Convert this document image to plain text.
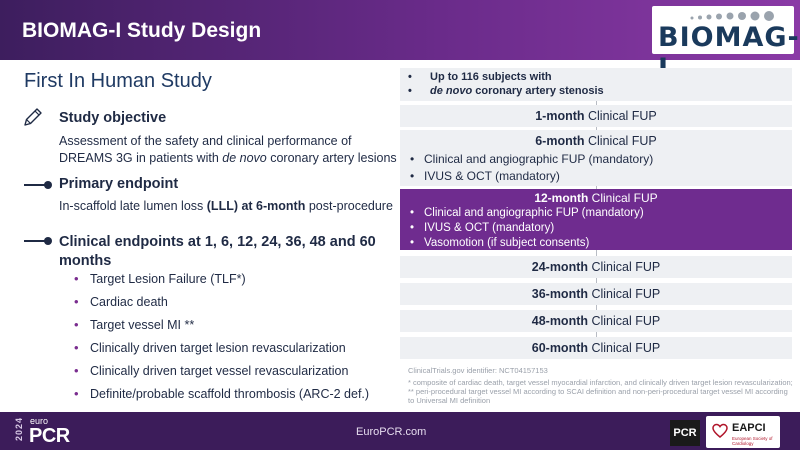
BIOMAG-I Study Design	BIOMAG-
First In Human Study
Study objective
Assessment of the safety and clinical performance of
DREAMS 3G in patients with de novo coronary artery lesions
Primary endpoint
In-scaffold late lumen loss (LLL) at 6-month post-procedure
Clinical endpoints at 1, 6, 12, 24, 36, 48 and 60
months
• Target Lesion Failure (TLF*)
• Cardiac death
• Target vessel MI **
• Clinically driven target lesion revascularization
• Clinically driven target vessel revascularization
• Definite/probable scaffold thrombosis (ARC-2 def.)
• Up to 116 subjects with
• de novo coronary artery stenosis
1-month Clinical FUP
6-month Clinical FUP
• Clinical and angiographic FUP (mandatory)
• IVUS & OCT (mandatory)
12-month Clinical FUP
• Clinical and angiographic FUP (mandatory)
• IVUS & OCT (mandatory)
• Vasomotion (if subject consents)
24-month Clinical FUP
36-month Clinical FUP
48-month Clinical FUP
60-month Clinical FUP
ClinicalTrials.gov identifier: NCT04157153
* composite of cardiac death, target vessel myocardial infarction, and clinically driven target lesion revascularization;
** peri-procedural target vessel MI according to SCAI definition and non-peri-procedural target vessel MI according to Universal MI definition
2024 euro
PCR	EuroPCR.com	PCR	EAPCI
European Society of Cardiology
